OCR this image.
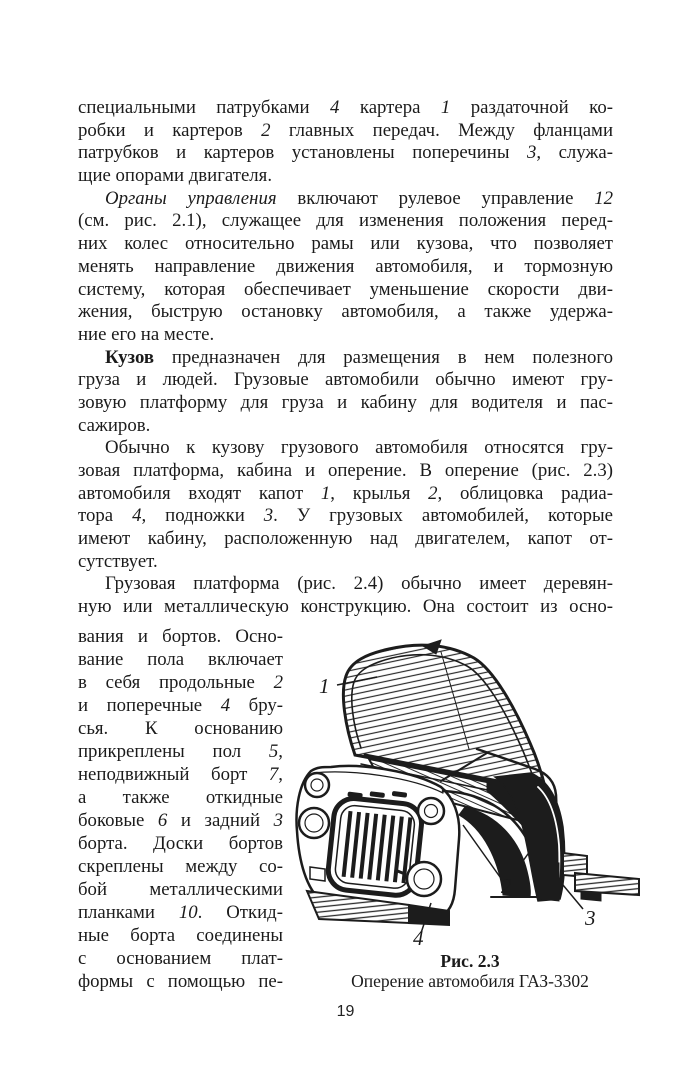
специальными патрубками 4 картера 1 раздаточной ко-
робки и картеров 2 главных передач. Между фланцами
патрубков и картеров установлены поперечины 3, служа-
щие опорами двигателя.
Органы управления включают рулевое управление 12
(см. рис. 2.1), служащее для изменения положения перед-
них колес относительно рамы или кузова, что позволяет
менять направление движения автомобиля, и тормозную
систему, которая обеспечивает уменьшение скорости дви-
жения, быструю остановку автомобиля, а также удержа-
ние его на месте.
Кузов предназначен для размещения в нем полезного
груза и людей. Грузовые автомобили обычно имеют гру-
зовую платформу для груза и кабину для водителя и пас-
сажиров.
Обычно к кузову грузового автомобиля относятся гру-
зовая платформа, кабина и оперение. В оперение (рис. 2.3)
автомобиля входят капот 1, крылья 2, облицовка радиа-
тора 4, подножки 3. У грузовых автомобилей, которые
имеют кабину, расположенную над двигателем, капот от-
сутствует.
Грузовая платформа (рис. 2.4) обычно имеет деревян-
ную или металлическую конструкцию. Она состоит из осно-
вания и бортов. Осно-
вание пола включает
в себя продольные 2
и поперечные 4 бру-
сья. К основанию
прикреплены пол 5,
неподвижный борт 7,
а также откидные
боковые 6 и задний 3
борта. Доски бортов
скреплены между со-
бой металлическими
планками 10. Откид-
ные борта соединены
с основанием плат-
формы с помощью пе-
1
2
3
4
Рис. 2.3
Оперение автомобиля ГАЗ-3302
19
